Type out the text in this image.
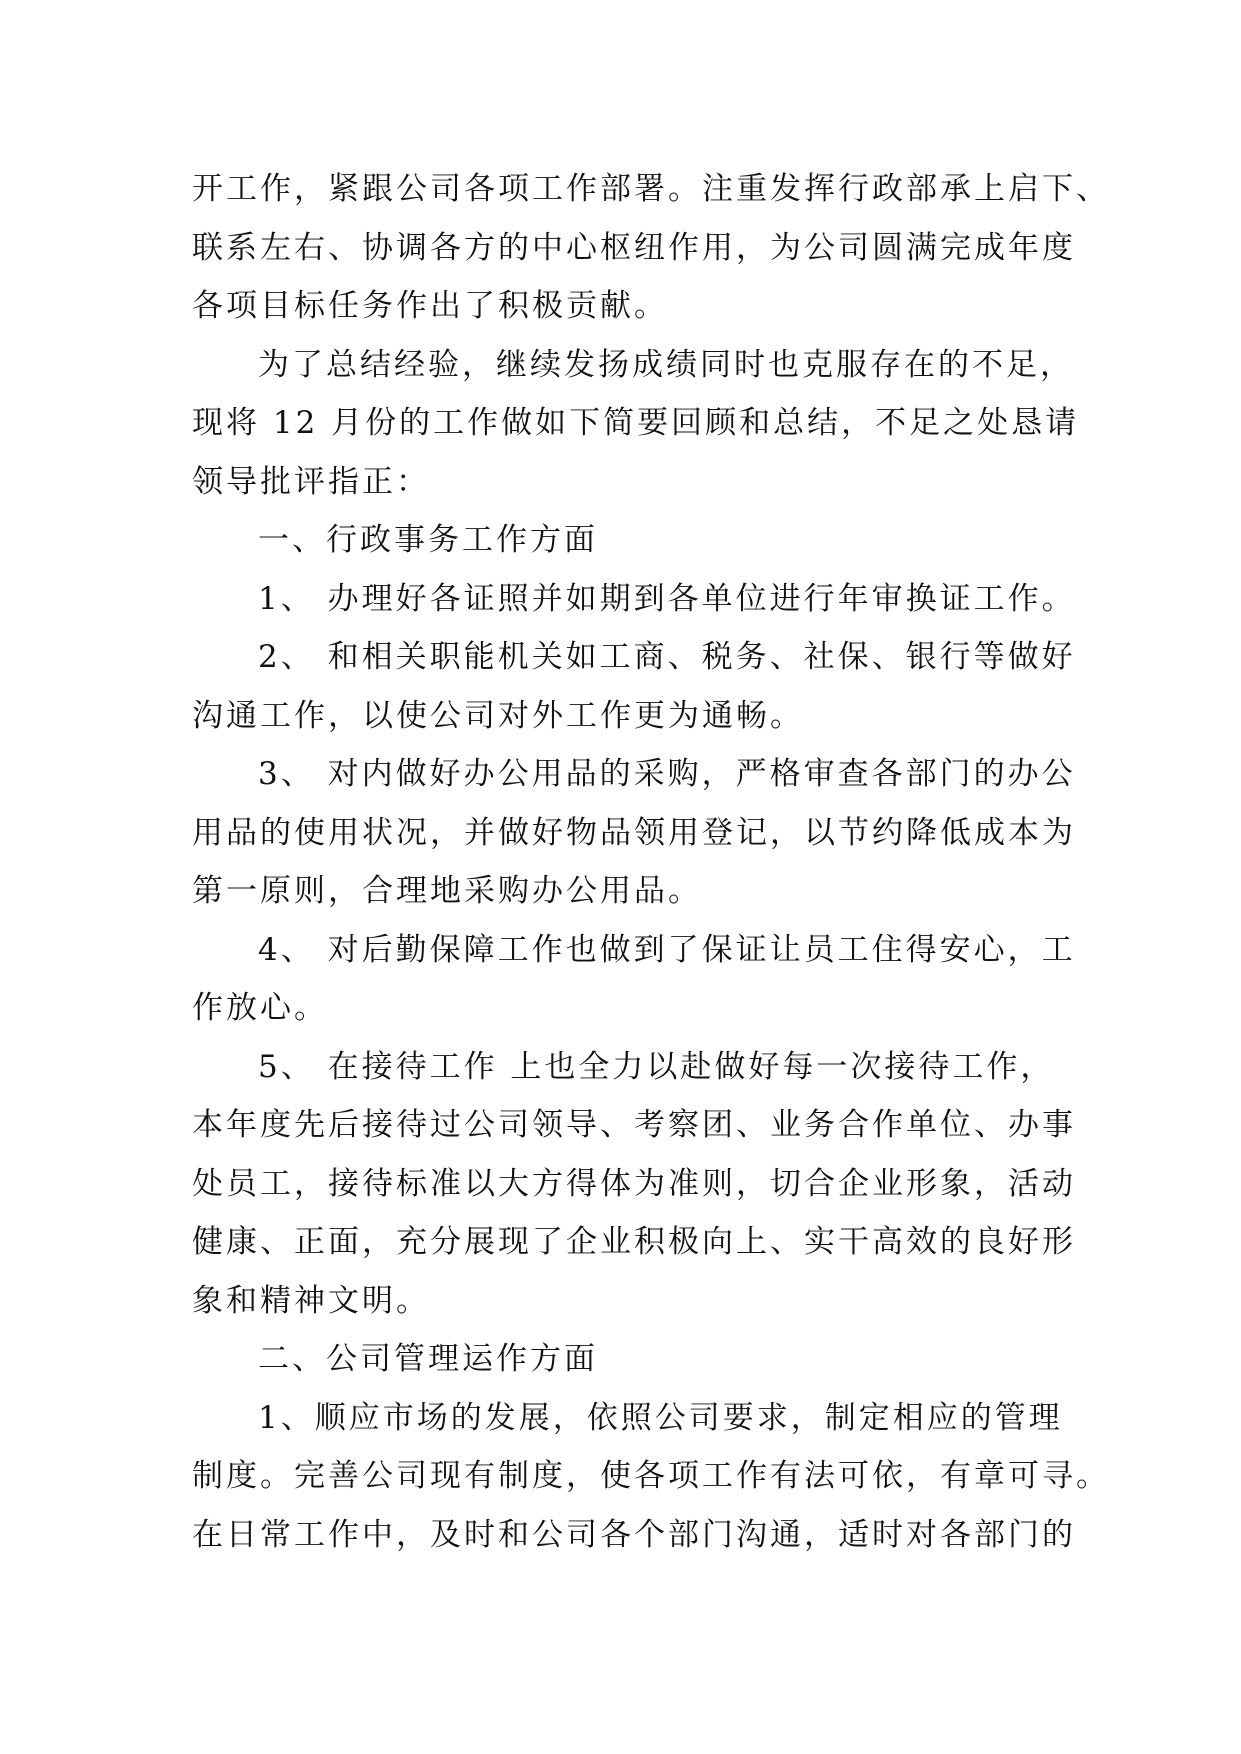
开工作，紧跟公司各项工作部署。注重发挥行政部承上启下、
联系左右、协调各方的中心枢纽作用，为公司圆满完成年度
各项目标任务作出了积极贡献。
为了总结经验，继续发扬成绩同时也克服存在的不足，
现将 12 月份的工作做如下简要回顾和总结，不足之处恳请
领导批评指正：
一、行政事务工作方面
1、 办理好各证照并如期到各单位进行年审换证工作。
2、 和相关职能机关如工商、税务、社保、银行等做好
沟通工作，以使公司对外工作更为通畅。
3、 对内做好办公用品的采购，严格审查各部门的办公
用品的使用状况，并做好物品领用登记，以节约降低成本为
第一原则，合理地采购办公用品。
4、 对后勤保障工作也做到了保证让员工住得安心，工
作放心。
5、 在接待工作 上也全力以赴做好每一次接待工作，
本年度先后接待过公司领导、考察团、业务合作单位、办事
处员工，接待标准以大方得体为准则，切合企业形象，活动
健康、正面，充分展现了企业积极向上、实干高效的良好形
象和精神文明。
二、公司管理运作方面
1、顺应市场的发展，依照公司要求，制定相应的管理
制度。完善公司现有制度，使各项工作有法可依，有章可寻。
在日常工作中，及时和公司各个部门沟通，适时对各部门的
